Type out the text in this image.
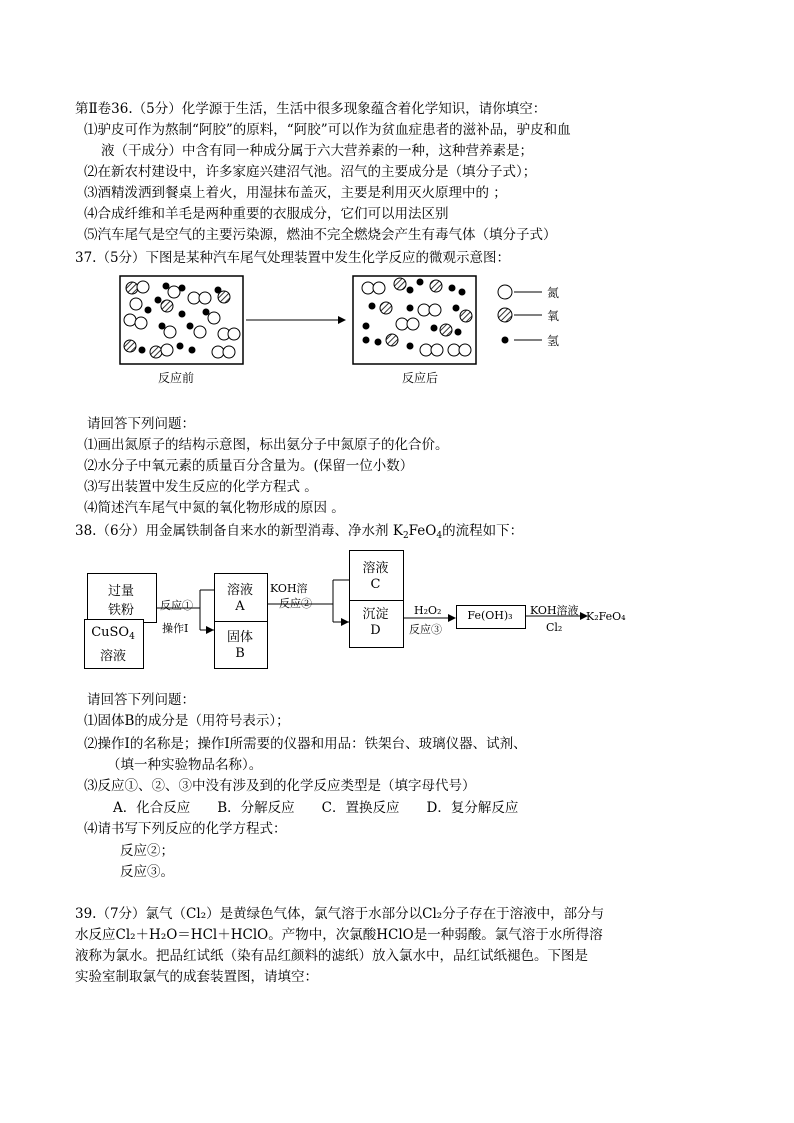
第Ⅱ卷36.（5分）化学源于生活，生活中很多现象蕴含着化学知识，请你填空：
⑴驴皮可作为熬制“阿胶”的原料，“阿胶”可以作为贫血症患者的滋补品，驴皮和血
液（干成分）中含有同一种成分属于六大营养素的一种，这种营养素是；
⑵在新农村建设中，许多家庭兴建沼气池。沼气的主要成分是（填分子式）；
⑶酒精泼洒到餐桌上着火，用湿抹布盖灭，主要是利用灭火原理中的 ；
⑷合成纤维和羊毛是两种重要的衣服成分，它们可以用法区别
⑸汽车尾气是空气的主要污染源，燃油不完全燃烧会产生有毒气体（填分子式）
37.（5分）下图是某种汽车尾气处理装置中发生化学反应的微观示意图：
氮
氧
氢
反应前	反应后
请回答下列问题：
⑴画出氮原子的结构示意图，标出氨分子中氮原子的化合价。
⑵水分子中氧元素的质量百分含量为。(保留一位小数）
⑶写出装置中发生反应的化学方程式 。
⑷简述汽车尾气中氮的氧化物形成的原因 。
38.（6分）用金属铁制备自来水的新型消毒、净水剂 $K_2FeO_4$的流程如下：
过量
铁粉
CuSO$_4$
溶液
反应①
操作Ⅰ
溶液
A
固体
B
KOH溶
反应②
溶液
C
沉淀
D
H₂O₂
反应③
Fe(OH)₃	KOH溶液
Cl₂
K₂FeO₄
请回答下列问题：
⑴固体B的成分是（用符号表示）；
⑵操作Ⅰ的名称是；操作Ⅰ所需要的仪器和用品：铁架台、玻璃仪器、试剂、
（填一种实验物品名称）。
⑶反应①、②、③中没有涉及到的化学反应类型是（填字母代号）
A．化合反应　　B．分解反应　　C．置换反应　　D．复分解反应
⑷请书写下列反应的化学方程式：
反应②；
反应③。
39.（7分）氯气（Cl₂）是黄绿色气体，氯气溶于水部分以Cl₂分子存在于溶液中，部分与
水反应Cl₂＋H₂O＝HCl＋HClO。产物中，次氯酸HClO是一种弱酸。氯气溶于水所得溶
液称为氯水。把品红试纸（染有品红颜料的滤纸）放入氯水中，品红试纸褪色。下图是
实验室制取氯气的成套装置图，请填空：
